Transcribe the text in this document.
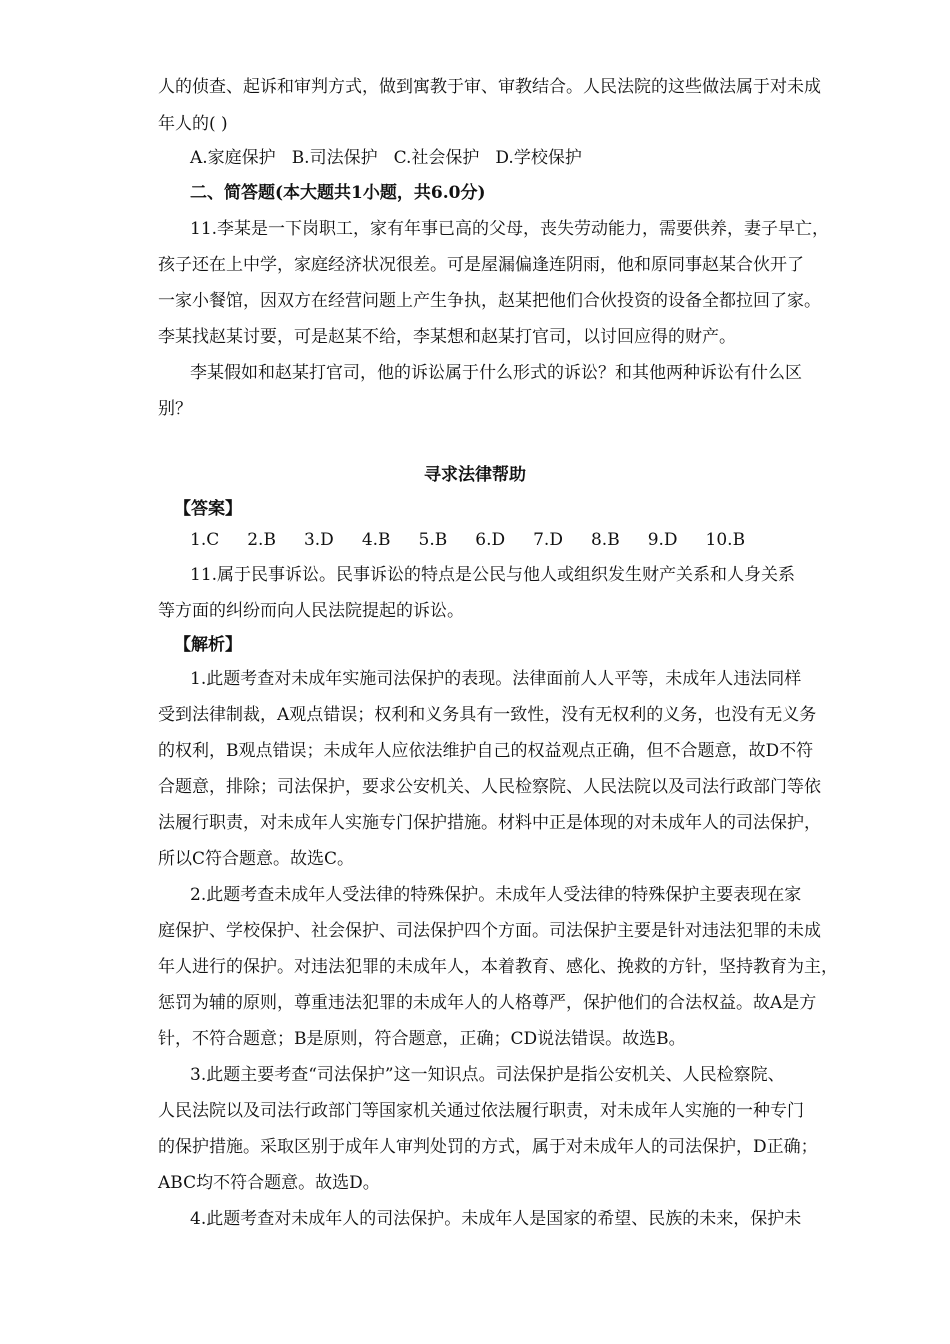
人的侦查、起诉和审判方式，做到寓教于审、审教结合。人民法院的这些做法属于对未成
年人的( )
A.家庭保护 B.司法保护 C.社会保护 D.学校保护
二、简答题(本大题共1小题，共6.0分)
11.李某是一下岗职工，家有年事已高的父母，丧失劳动能力，需要供养，妻子早亡，
孩子还在上中学，家庭经济状况很差。可是屋漏偏逢连阴雨，他和原同事赵某合伙开了
一家小餐馆，因双方在经营问题上产生争执，赵某把他们合伙投资的设备全都拉回了家。
李某找赵某讨要，可是赵某不给，李某想和赵某打官司，以讨回应得的财产。
李某假如和赵某打官司，他的诉讼属于什么形式的诉讼？和其他两种诉讼有什么区
别？
寻求法律帮助
【答案】
1.C 2.B 3.D 4.B 5.B 6.D 7.D 8.B 9.D 10.B
11.属于民事诉讼。民事诉讼的特点是公民与他人或组织发生财产关系和人身关系
等方面的纠纷而向人民法院提起的诉讼。
【解析】
1.此题考查对未成年实施司法保护的表现。法律面前人人平等，未成年人违法同样
受到法律制裁，A观点错误；权利和义务具有一致性，没有无权利的义务，也没有无义务
的权利，B观点错误；未成年人应依法维护自己的权益观点正确，但不合题意，故D不符
合题意，排除；司法保护，要求公安机关、人民检察院、人民法院以及司法行政部门等依
法履行职责，对未成年人实施专门保护措施。材料中正是体现的对未成年人的司法保护，
所以C符合题意。故选C。
2.此题考查未成年人受法律的特殊保护。未成年人受法律的特殊保护主要表现在家
庭保护、学校保护、社会保护、司法保护四个方面。司法保护主要是针对违法犯罪的未成
年人进行的保护。对违法犯罪的未成年人，本着教育、感化、挽救的方针，坚持教育为主，
惩罚为辅的原则，尊重违法犯罪的未成年人的人格尊严，保护他们的合法权益。故A是方
针，不符合题意；B是原则，符合题意，正确；CD说法错误。故选B。
3.此题主要考查“司法保护”这一知识点。司法保护是指公安机关、人民检察院、
人民法院以及司法行政部门等国家机关通过依法履行职责，对未成年人实施的一种专门
的保护措施。采取区别于成年人审判处罚的方式，属于对未成年人的司法保护，D正确；
ABC均不符合题意。故选D。
4.此题考查对未成年人的司法保护。未成年人是国家的希望、民族的未来，保护未
